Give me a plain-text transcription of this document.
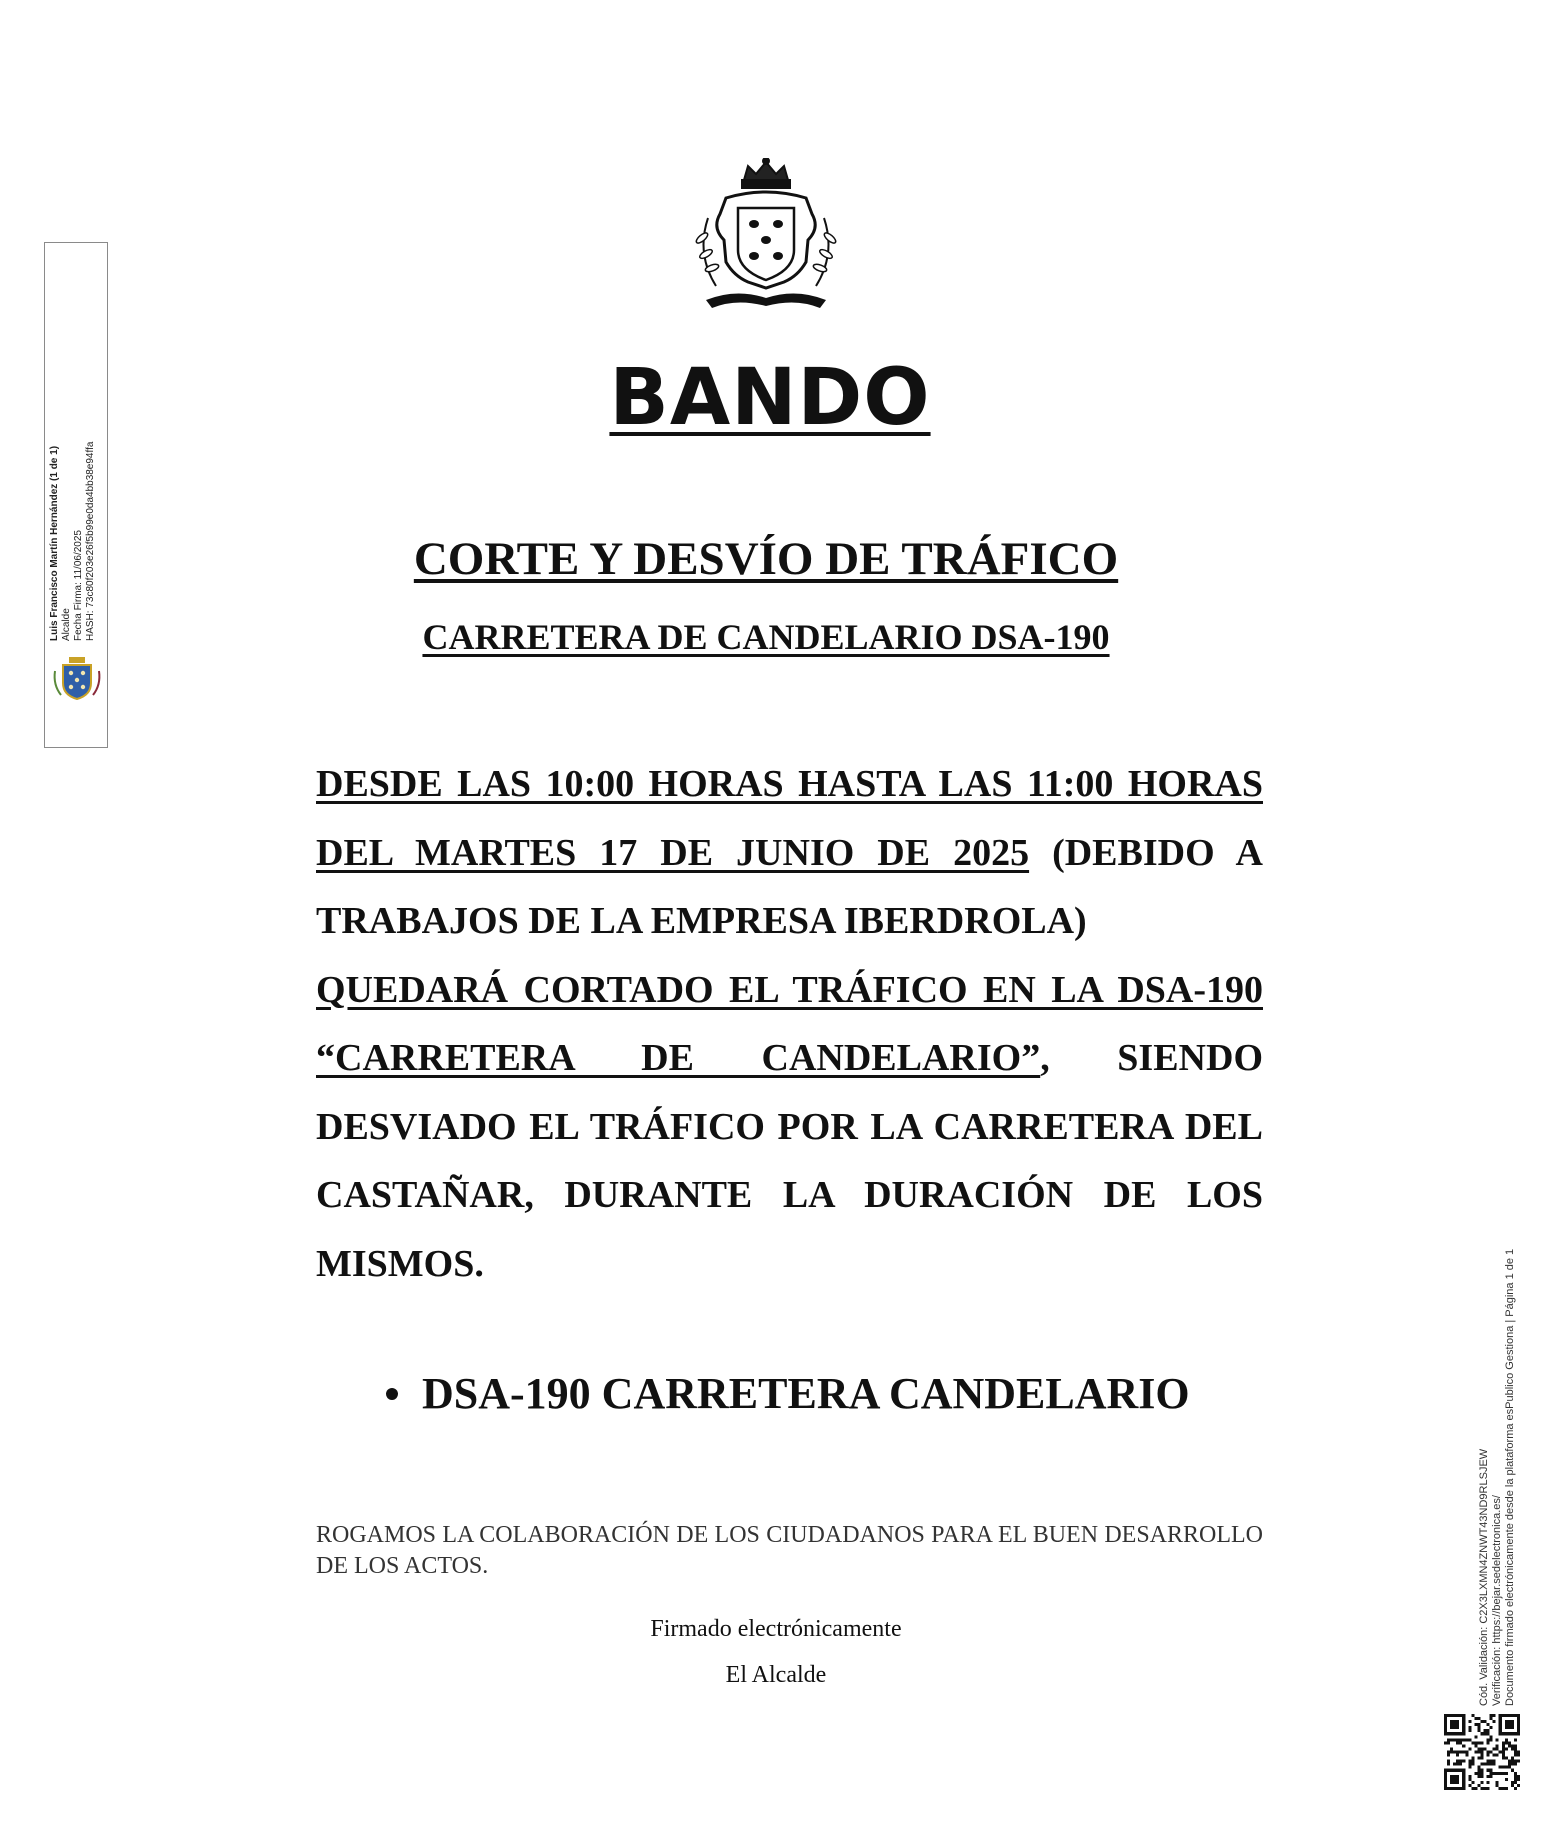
BANDO
CORTE Y DESVÍO DE TRÁFICO
CARRETERA DE CANDELARIO DSA-190
DESDE LAS 10:00 HORAS HASTA LAS 11:00 HORAS DEL MARTES 17 DE JUNIO DE 2025 (DEBIDO A TRABAJOS DE LA EMPRESA IBERDROLA)
QUEDARÁ CORTADO EL TRÁFICO EN LA DSA-190 “CARRETERA DE CANDELARIO”, SIENDO DESVIADO EL TRÁFICO POR LA CARRETERA DEL CASTAÑAR, DURANTE LA DURACIÓN DE LOS MISMOS.
DSA-190 CARRETERA CANDELARIO
ROGAMOS LA COLABORACIÓN DE LOS CIUDADANOS PARA EL BUEN DESARROLLO DE LOS ACTOS.
Firmado electrónicamente
El Alcalde
Luis Francisco Martín Hernández (1 de 1) Alcalde Fecha Firma: 11/06/2025 HASH: 73c80f203e26f5b99e0da4bb38e94ffa
Cód. Validación: C2X3LXMN4ZNWT43ND9RLSJEW Verificación: https://bejar.sedelectronica.es/ Documento firmado electrónicamente desde la plataforma esPublico Gestiona | Página 1 de 1
